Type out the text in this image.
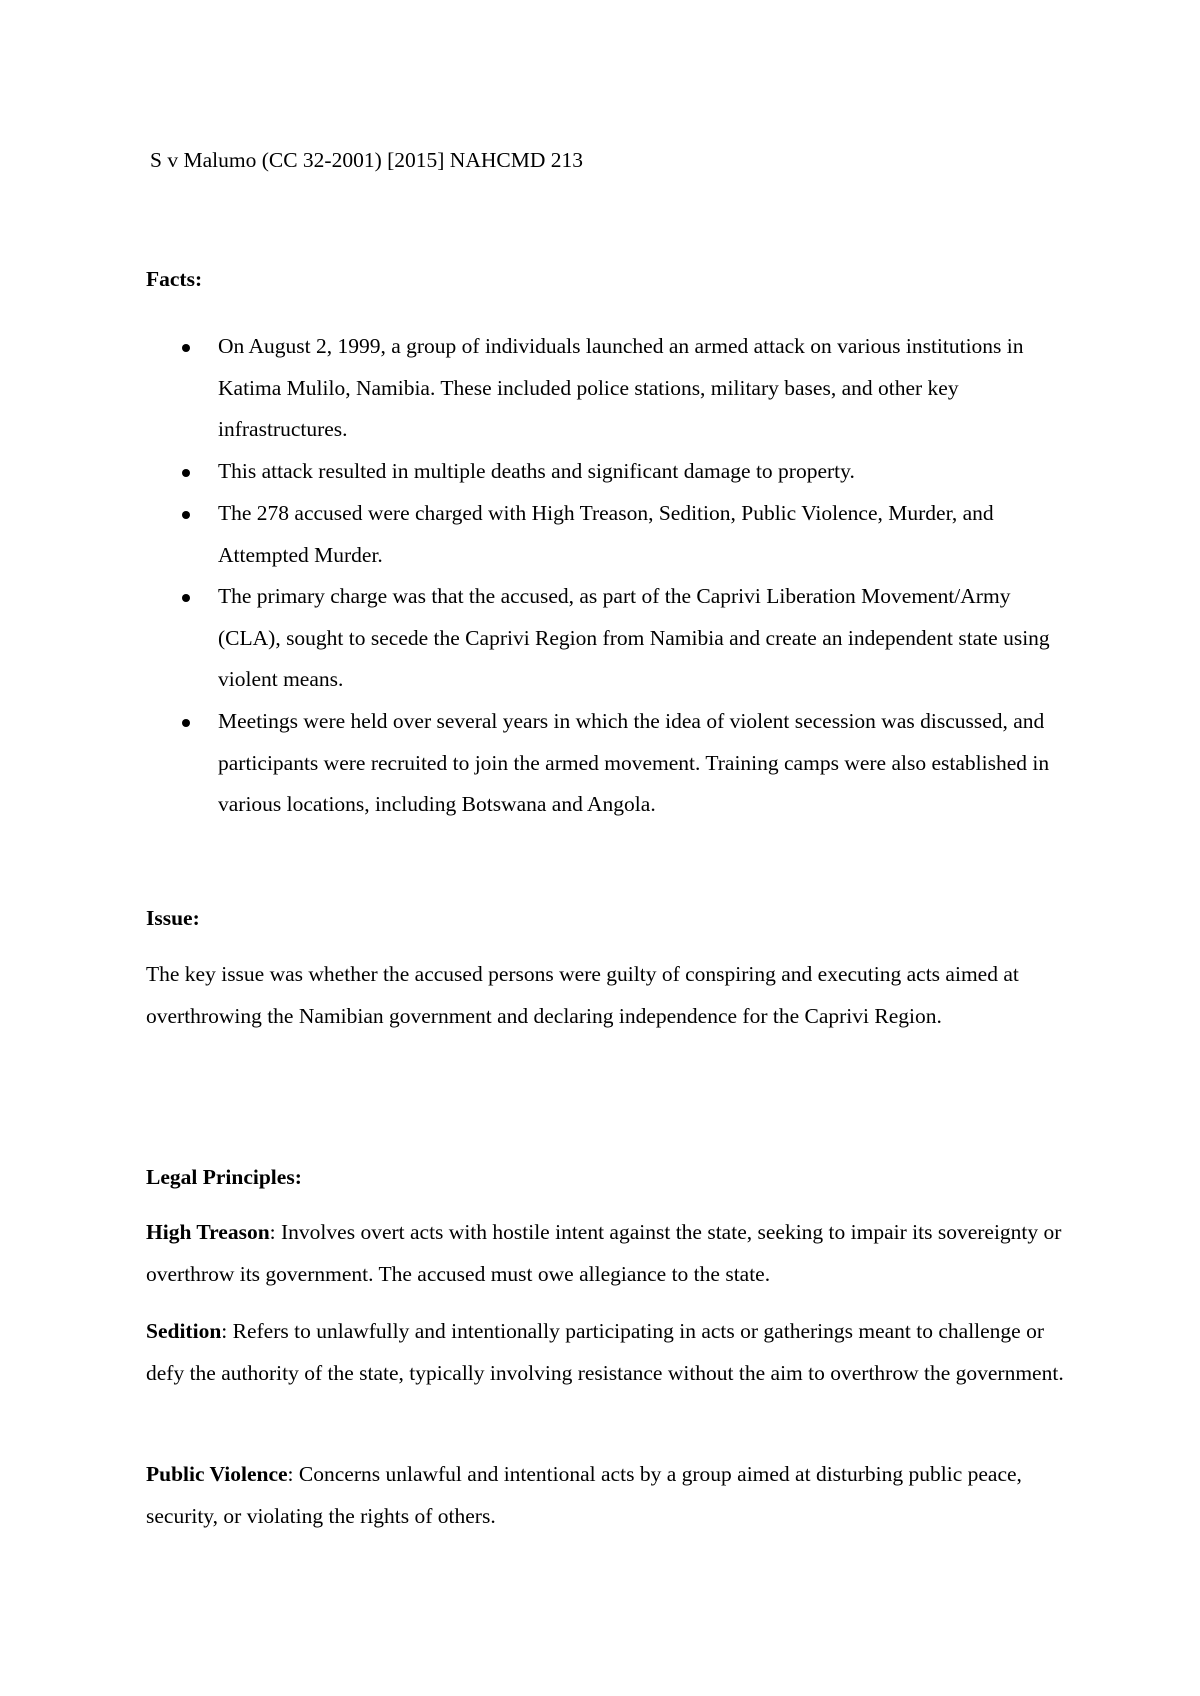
S v Malumo (CC 32-2001) [2015] NAHCMD 213
Facts:
On August 2, 1999, a group of individuals launched an armed attack on various institutions in Katima Mulilo, Namibia. These included police stations, military bases, and other key infrastructures.
This attack resulted in multiple deaths and significant damage to property.
The 278 accused were charged with High Treason, Sedition, Public Violence, Murder, and Attempted Murder.
The primary charge was that the accused, as part of the Caprivi Liberation Movement/Army (CLA), sought to secede the Caprivi Region from Namibia and create an independent state using violent means.
Meetings were held over several years in which the idea of violent secession was discussed, and participants were recruited to join the armed movement. Training camps were also established in various locations, including Botswana and Angola.
Issue:

The key issue was whether the accused persons were guilty of conspiring and executing acts aimed at overthrowing the Namibian government and declaring independence for the Caprivi Region.

Legal Principles:

High Treason: Involves overt acts with hostile intent against the state, seeking to impair its sovereignty or overthrow its government. The accused must owe allegiance to the state.

Sedition: Refers to unlawfully and intentionally participating in acts or gatherings meant to challenge or defy the authority of the state, typically involving resistance without the aim to overthrow the government.

Public Violence: Concerns unlawful and intentional acts by a group aimed at disturbing public peace, security, or violating the rights of others.
